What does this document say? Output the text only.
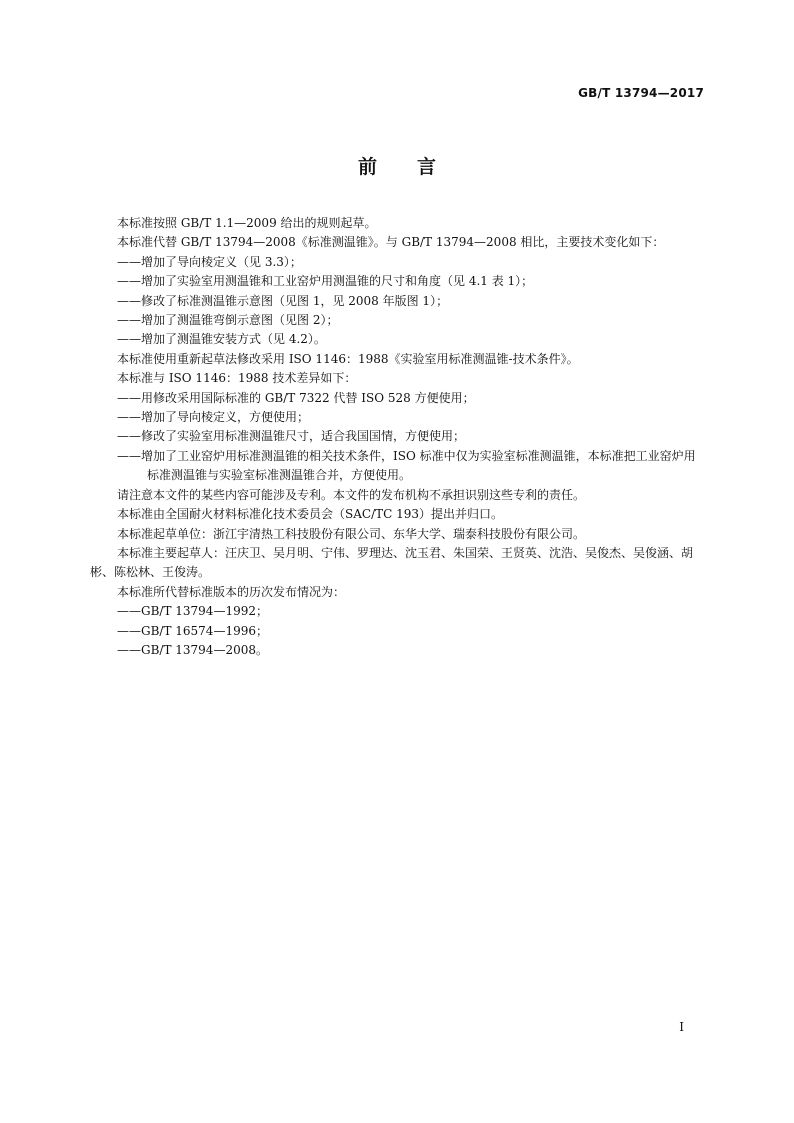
GB/T 13794—2017
前言

本标准按照 GB/T 1.1—2009 给出的规则起草。

本标准代替 GB/T 13794—2008《标准测温锥》。与 GB/T 13794—2008 相比，主要技术变化如下：

——增加了导向棱定义（见 3.3）；

——增加了实验室用测温锥和工业窑炉用测温锥的尺寸和角度（见 4.1 表 1）；

——修改了标准测温锥示意图（见图 1，见 2008 年版图 1）；

——增加了测温锥弯倒示意图（见图 2）；

——增加了测温锥安装方式（见 4.2）。

本标准使用重新起草法修改采用 ISO 1146：1988《实验室用标准测温锥-技术条件》。

本标准与 ISO 1146：1988 技术差异如下：

——用修改采用国际标准的 GB/T 7322 代替 ISO 528 方便使用；

——增加了导向棱定义，方便使用；

——修改了实验室用标准测温锥尺寸，适合我国国情，方便使用；

——增加了工业窑炉用标准测温锥的相关技术条件，ISO 标准中仅为实验室标准测温锥，本标准把工业窑炉用标准测温锥与实验室标准测温锥合并，方便使用。

请注意本文件的某些内容可能涉及专利。本文件的发布机构不承担识别这些专利的责任。

本标准由全国耐火材料标准化技术委员会（SAC/TC 193）提出并归口。

本标准起草单位：浙江宇清热工科技股份有限公司、东华大学、瑞泰科技股份有限公司。

本标准主要起草人：汪庆卫、吴月明、宁伟、罗理达、沈玉君、朱国荣、王贤英、沈浩、吴俊杰、吴俊涵、胡彬、陈松林、王俊涛。

本标准所代替标准版本的历次发布情况为：

——GB/T 13794—1992；

——GB/T 16574—1996；

——GB/T 13794—2008。

I
